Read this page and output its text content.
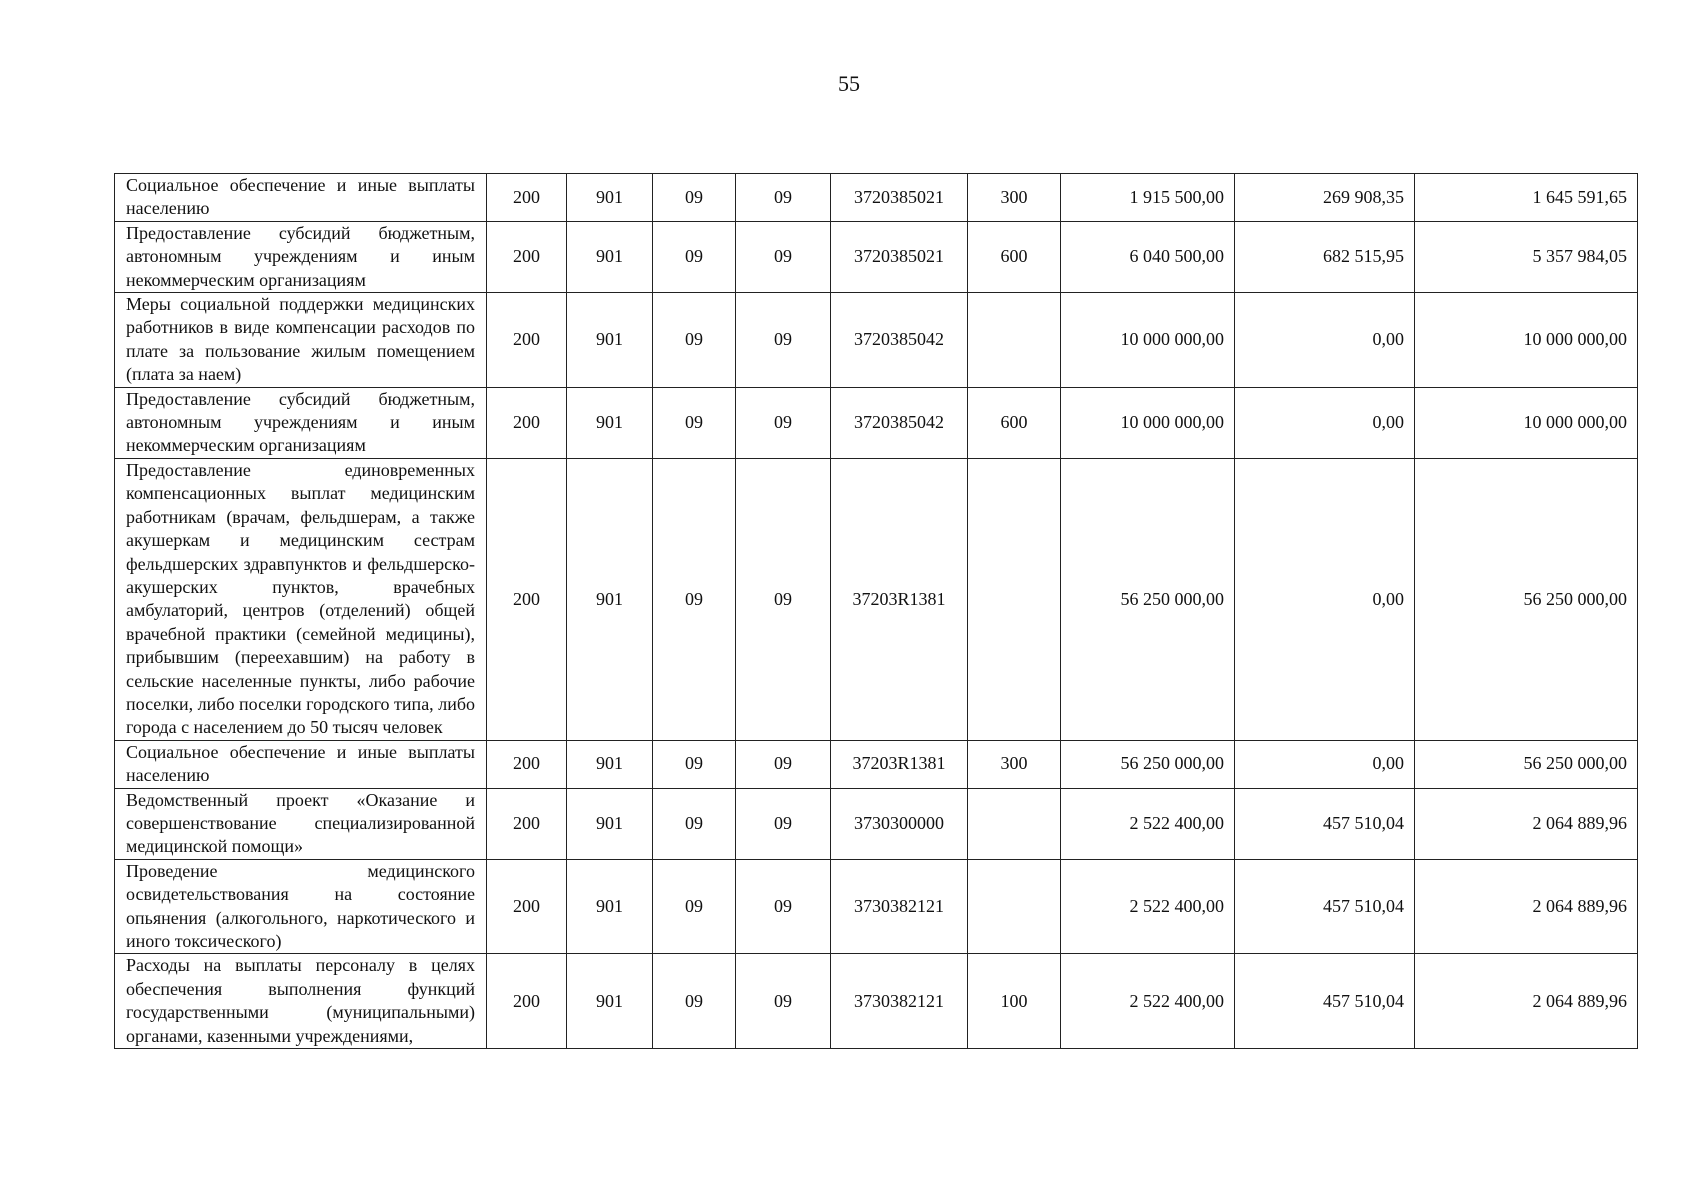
55
Социальное обеспечение и иные выплаты населению	200	901	09	09	3720385021	300	1 915 500,00	269 908,35	1 645 591,65

Предоставление субсидий бюджетным, автономным учреждениям и иным некоммерческим организациям	200	901	09	09	3720385021	600	6 040 500,00	682 515,95	5 357 984,05

Меры социальной поддержки медицинских работников в виде компенсации расходов по плате за пользование жилым помещением (плата за наем)	200	901	09	09	3720385042		10 000 000,00	0,00	10 000 000,00

Предоставление субсидий бюджетным, автономным учреждениям и иным некоммерческим организациям	200	901	09	09	3720385042	600	10 000 000,00	0,00	10 000 000,00

Предоставление единовременных компенсационных выплат медицинским работникам (врачам, фельдшерам, а также акушеркам и медицинским сестрам фельдшерских здравпунктов и фельдшерско-акушерских пунктов, врачебных амбулаторий, центров (отделений) общей врачебной практики (семейной медицины), прибывшим (переехавшим) на работу в сельские населенные пункты, либо рабочие поселки, либо поселки городского типа, либо города с населением до 50 тысяч человек	200	901	09	09	37203R1381		56 250 000,00	0,00	56 250 000,00

Социальное обеспечение и иные выплаты населению	200	901	09	09	37203R1381	300	56 250 000,00	0,00	56 250 000,00

Ведомственный проект «Оказание и совершенствование специализированной медицинской помощи»	200	901	09	09	3730300000		2 522 400,00	457 510,04	2 064 889,96

Проведение медицинского освидетельствования на состояние опьянения (алкогольного, наркотического и иного токсического)	200	901	09	09	3730382121		2 522 400,00	457 510,04	2 064 889,96

Расходы на выплаты персоналу в целях обеспечения выполнения функций государственными (муниципальными) органами, казенными учреждениями,	200	901	09	09	3730382121	100	2 522 400,00	457 510,04	2 064 889,96
